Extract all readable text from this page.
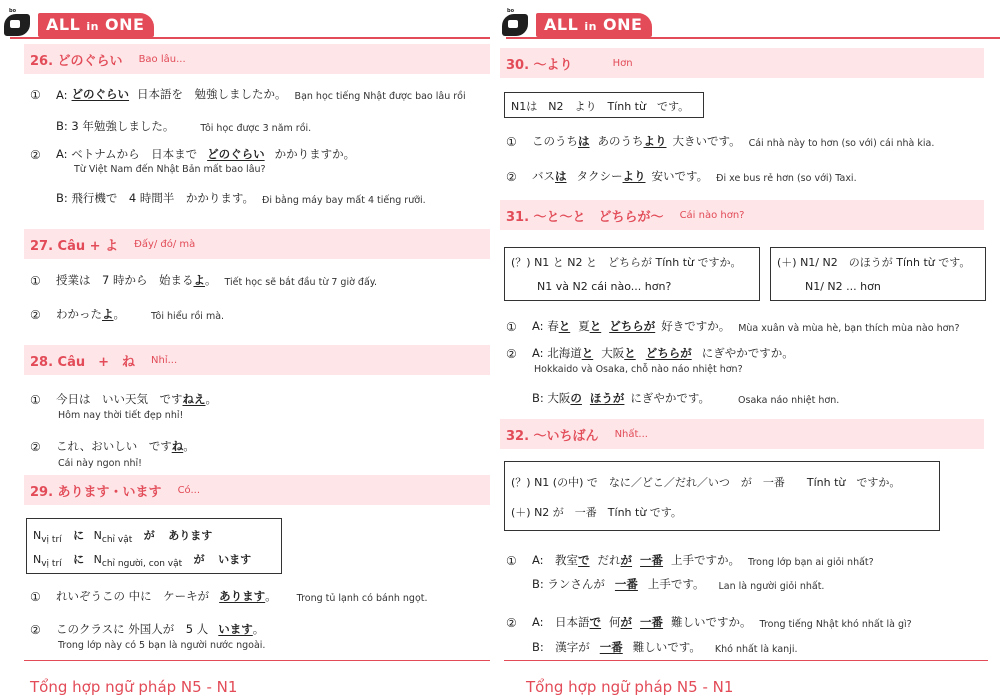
bo
ALL in ONE
26. どのぐらい Bao lâu...
①	A: どのぐらい 日本語を　勉強しましたか。 Bạn học tiếng Nhật được bao lâu rồi
B: 3 年勉強しました。	Tôi học được 3 năm rồi.
②	A: ベトナムから　日本まで どのぐらい かかりますか。
Từ Việt Nam đến Nhật Bản mất bao lâu?
B: 飛行機で　4 時間半　かかります。 Đi bằng máy bay mất 4 tiếng rưỡi.
27. Câu + よ Đấy/ đó/ mà
①	授業は　7 時から　始まる よ 。 Tiết học sẽ bắt đầu từ 7 giờ đấy.
②	わかった よ 。	Tôi hiểu rồi mà.
28. Câu　+　ね Nhỉ...
①	今日は　いい天気　です ねえ 。
Hôm nay thời tiết đẹp nhỉ!
②	これ、おいしい　です ね 。
Cái này ngon nhỉ!
29. あります・います Có...
$N_{vị trí}$ に $N_{chỉ vật}$ が あります
$N_{vị trí}$ に $N_{chỉ người, con vật}$ が います
①	れいぞうこの 中に　ケーキが あります 。 Trong tủ lạnh có bánh ngọt.
②	このクラスに 外国人が　5 人 います 。
Trong lớp này có 5 bạn là người nước ngoài.
Tổng hợp ngữ pháp N5 - N1
bo
ALL in ONE
30. ～より	Hơn
N1は　N2　より　Tính từ　です。
①	このうち は あのうち より 大きいです。 Cái nhà này to hơn (so với) cái nhà kia.
②	バス は タクシー より 安いです。 Đi xe bus rẻ hơn (so với) Taxi.
31. ～と～と　どちらが～ Cái nào hơn?
(？) N1 と N2 と　どちらが Tính từ ですか。
N1 và N2 cái nào... hơn?
(＋) N1/ N2　のほうが Tính từ です。
N1/ N2 ... hơn
①	A: 春 と 夏 と どちらが 好きですか。 Mùa xuân và mùa hè, bạn thích mùa nào hơn?
②	A: 北海道 と 大阪 と どちらが にぎやかですか。
Hokkaido và Osaka, chỗ nào náo nhiệt hơn?
B: 大阪 の ほうが にぎやかです。	Osaka náo nhiệt hơn.
32. ～いちばん Nhất...
(？) N1 (の中) で　なに／どこ／だれ／いつ　が　一番　　Tính từ　ですか。
(＋) N2 が　一番　Tính từ です。
①	A:　教室 で だれ が 一番 上手ですか。 Trong lớp bạn ai giỏi nhất?
B: ランさんが 一番 上手です。 Lan là người giỏi nhất.
②	A:　日本語 で 何 が 一番 難しいですか。 Trong tiếng Nhật khó nhất là gì?
B:　漢字が 一番 難しいです。 Khó nhất là kanji.
Tổng hợp ngữ pháp N5 - N1
